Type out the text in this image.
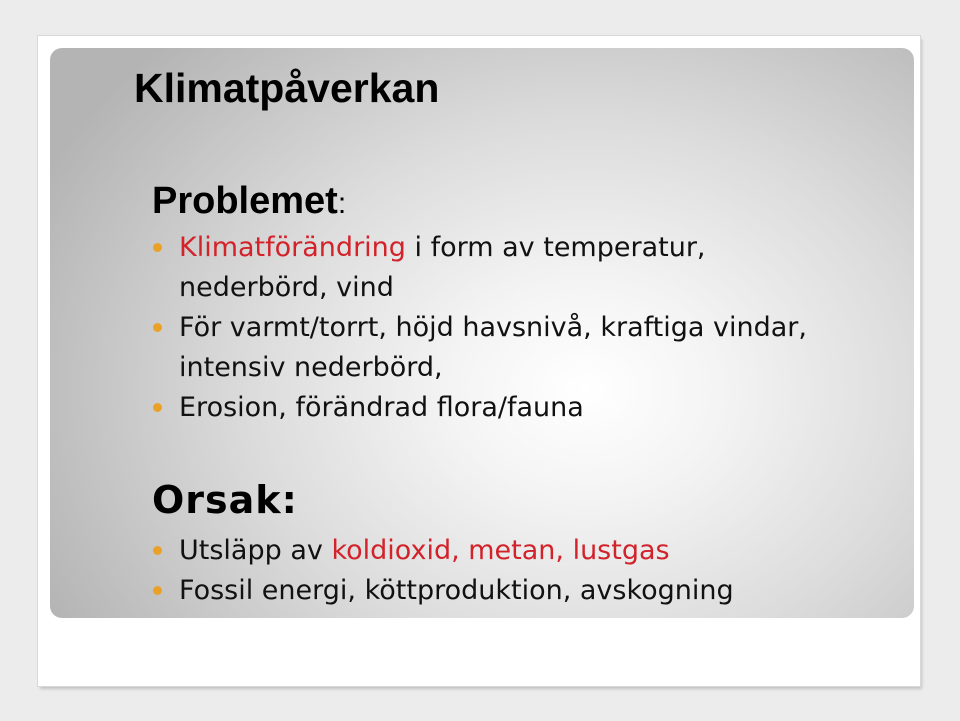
Klimatpåverkan
Problemet:
Klimatförändring i form av temperatur, nederbörd, vind
För varmt/torrt, höjd havsnivå, kraftiga vindar, intensiv nederbörd,
Erosion, förändrad flora/fauna
Orsak:
Utsläpp av koldioxid, metan, lustgas
Fossil energi, köttproduktion, avskogning
